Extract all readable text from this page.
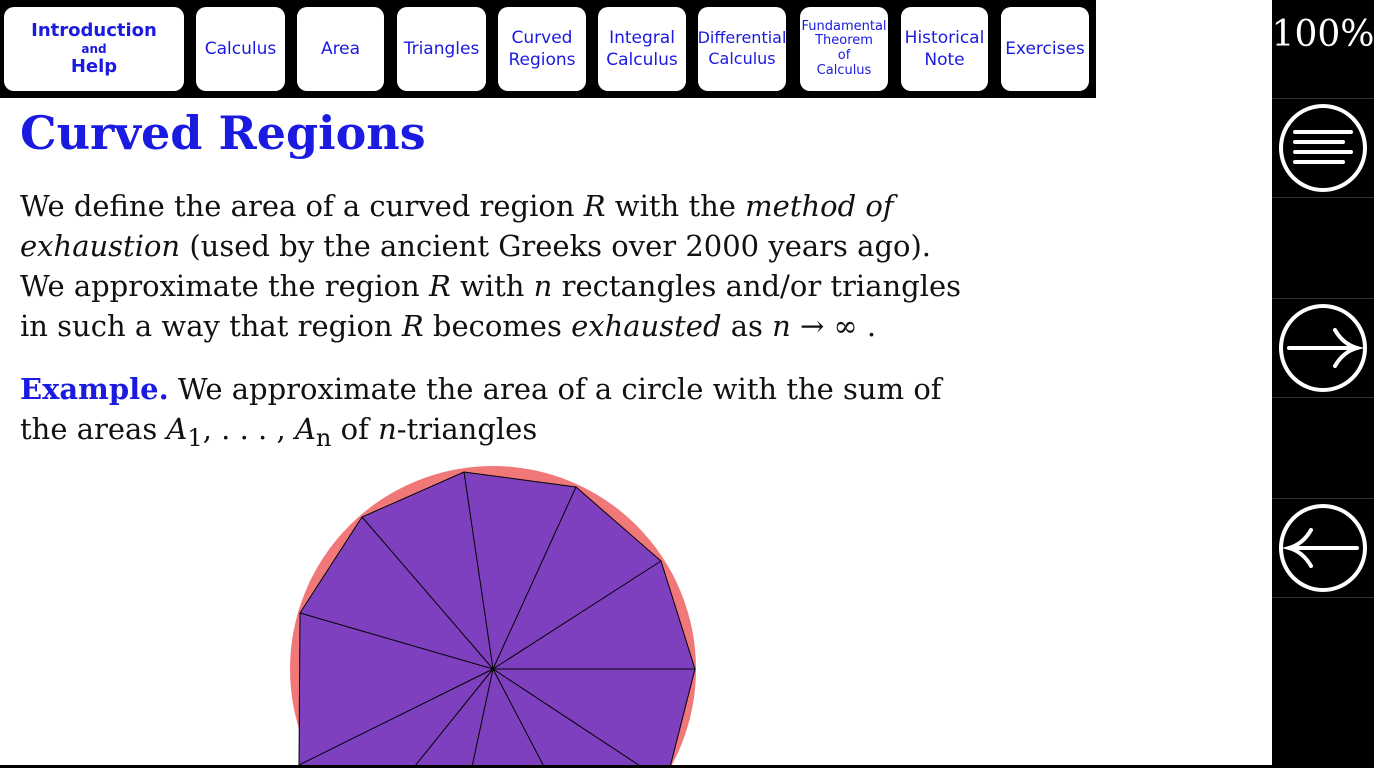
Introduction
and
Help
Calculus	Area	Triangles
Curved
Regions
Integral
Calculus
Differential
Calculus
Fundamental
Theorem
of
Calculus
Historical
Note
Exercises	100%
Curved Regions

We define the area of a curved region R with the method of exhaustion (used by the ancient Greeks over 2000 years ago).
We approximate the region R with n rectangles and/or triangles in such a way that region R becomes exhausted as n → ∞ .

Example. We approximate the area of a circle with the sum of the areas $A_1$, . . . , $A_n$ of n-triangles
